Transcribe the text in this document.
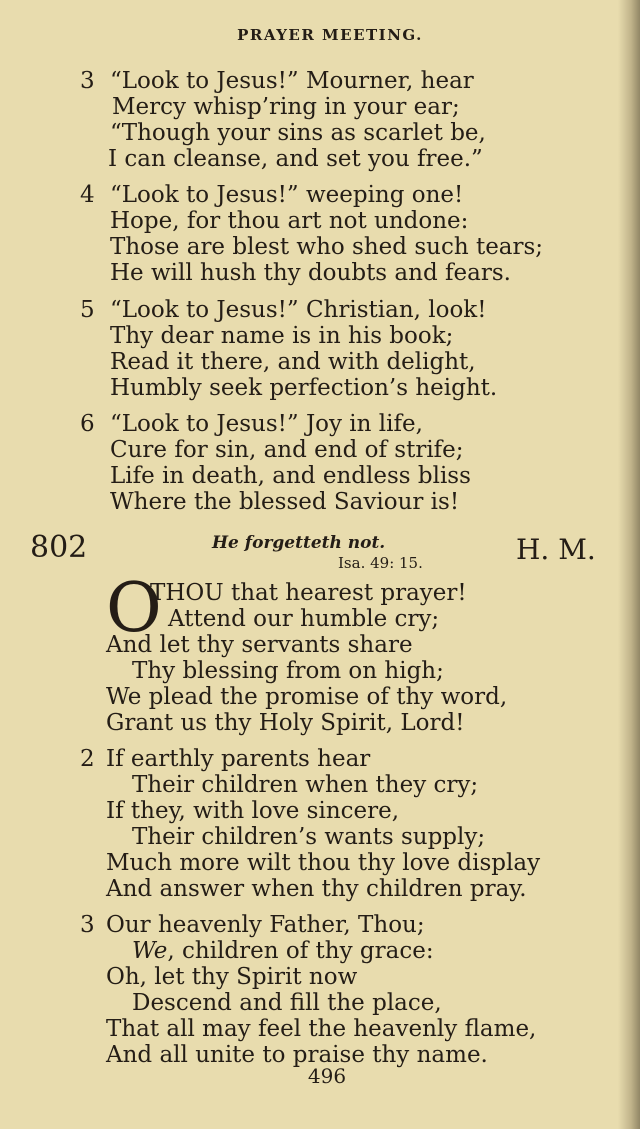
PRAYER MEETING.
3 “Look to Jesus!” Mourner, hear
Mercy whisp’ring in your ear;
“Though your sins as scarlet be,
I can cleanse, and set you free.”
4 “Look to Jesus!” weeping one!
Hope, for thou art not undone:
Those are blest who shed such tears;
He will hush thy doubts and fears.
5 “Look to Jesus!” Christian, look!
Thy dear name is in his book;
Read it there, and with delight,
Humbly seek perfection’s height.
6 “Look to Jesus!” Joy in life,
Cure for sin, and end of strife;
Life in death, and endless bliss
Where the blessed Saviour is!
802	He forgetteth not.
Isa. 49: 15.	H. M.
O
THOU that hearest prayer!
Attend our humble cry;
And let thy servants share
Thy blessing from on high;
We plead the promise of thy word,
Grant us thy Holy Spirit, Lord!
2 If earthly parents hear
Their children when they cry;
If they, with love sincere,
Their children’s wants supply;
Much more wilt thou thy love display
And answer when thy children pray.
3 Our heavenly Father, Thou;
We, children of thy grace:
Oh, let thy Spirit now
Descend and fill the place,
That all may feel the heavenly flame,
And all unite to praise thy name.
496
